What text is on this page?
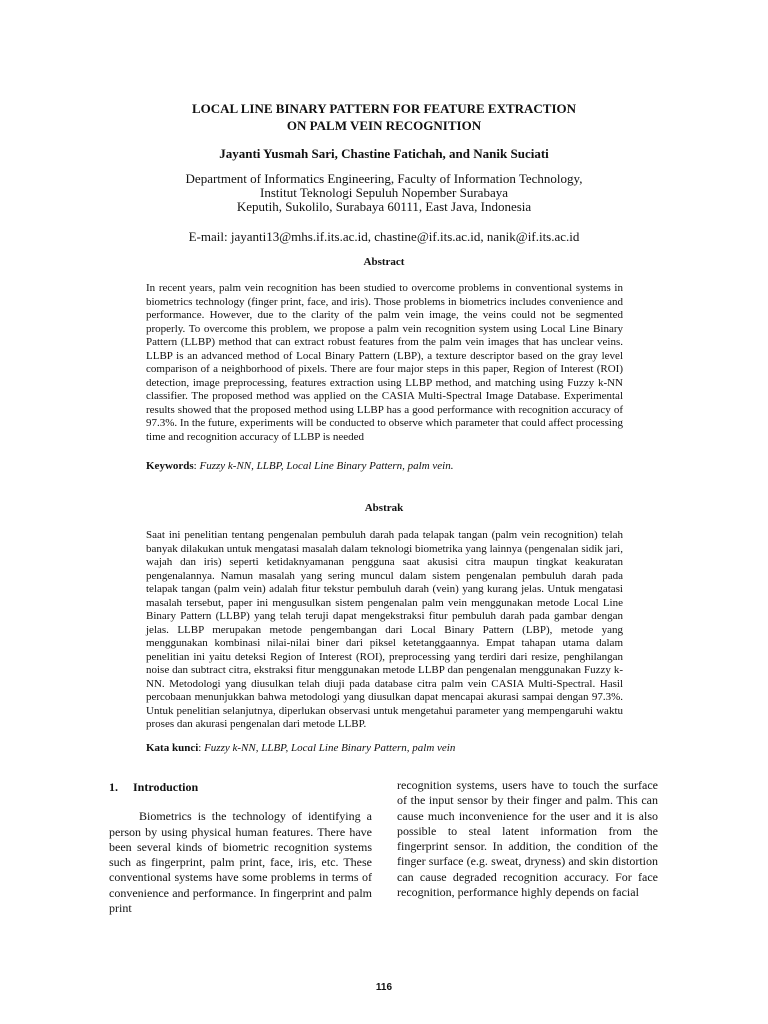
LOCAL LINE BINARY PATTERN FOR FEATURE EXTRACTION
ON PALM VEIN RECOGNITION
Jayanti Yusmah Sari, Chastine Fatichah, and Nanik Suciati
Department of Informatics Engineering, Faculty of Information Technology,
Institut Teknologi Sepuluh Nopember Surabaya
Keputih, Sukolilo, Surabaya 60111, East Java, Indonesia
E-mail: jayanti13@mhs.if.its.ac.id, chastine@if.its.ac.id, nanik@if.its.ac.id
Abstract

In recent years, palm vein recognition has been studied to overcome problems in conventional systems in biometrics technology (finger print, face, and iris). Those problems in biometrics includes convenience and performance. However, due to the clarity of the palm vein image, the veins could not be segmented properly. To overcome this problem, we propose a palm vein recognition system using Local Line Binary Pattern (LLBP) method that can extract robust features from the palm vein images that has unclear veins. LLBP is an advanced method of Local Binary Pattern (LBP), a texture descriptor based on the gray level comparison of a neighborhood of pixels. There are four major steps in this paper, Region of Interest (ROI) detection, image preprocessing, features extraction using LLBP method, and matching using Fuzzy k-NN classifier. The proposed method was applied on the CASIA Multi-Spectral Image Database. Experimental results showed that the proposed method using LLBP has a good performance with recognition accuracy of 97.3%. In the future, experiments will be conducted to observe which parameter that could affect processing time and recognition accuracy of LLBP is needed

Keywords: Fuzzy k-NN, LLBP, Local Line Binary Pattern, palm vein.
Abstrak

Saat ini penelitian tentang pengenalan pembuluh darah pada telapak tangan (palm vein recognition) telah banyak dilakukan untuk mengatasi masalah dalam teknologi biometrika yang lainnya (pengenalan sidik jari, wajah dan iris) seperti ketidaknyamanan pengguna saat akusisi citra maupun tingkat keakuratan pengenalannya. Namun masalah yang sering muncul dalam sistem pengenalan pembuluh darah pada telapak tangan (palm vein) adalah fitur tekstur pembuluh darah (vein) yang kurang jelas. Untuk mengatasi masalah tersebut, paper ini mengusulkan sistem pengenalan palm vein menggunakan metode Local Line Binary Pattern (LLBP) yang telah teruji dapat mengekstraksi fitur pembuluh darah pada gambar dengan jelas. LLBP merupakan metode pengembangan dari Local Binary Pattern (LBP), metode yang menggunakan kombinasi nilai-nilai biner dari piksel ketetanggaannya. Empat tahapan utama dalam penelitian ini yaitu deteksi Region of Interest (ROI), preprocessing yang terdiri dari resize, penghilangan noise dan subtract citra, ekstraksi fitur menggunakan metode LLBP dan pengenalan menggunakan Fuzzy k-NN. Metodologi yang diusulkan telah diuji pada database citra palm vein CASIA Multi-Spectral. Hasil percobaan menunjukkan bahwa metodologi yang diusulkan dapat mencapai akurasi sampai dengan 97.3%. Untuk penelitian selanjutnya, diperlukan observasi untuk mengetahui parameter yang mempengaruhi waktu proses dan akurasi pengenalan dari metode LLBP.

Kata kunci: Fuzzy k-NN, LLBP, Local Line Binary Pattern, palm vein
1. Introduction

Biometrics is the technology of identifying a person by using physical human features. There have been several kinds of biometric recognition systems such as fingerprint, palm print, face, iris, etc. These conventional systems have some problems in terms of convenience and performance. In fingerprint and palm print

recognition systems, users have to touch the surface of the input sensor by their finger and palm. This can cause much inconvenience for the user and it is also possible to steal latent information from the fingerprint sensor. In addition, the condition of the finger surface (e.g. sweat, dryness) and skin distortion can cause degraded recognition accuracy. For face recognition, performance highly depends on facial

116
